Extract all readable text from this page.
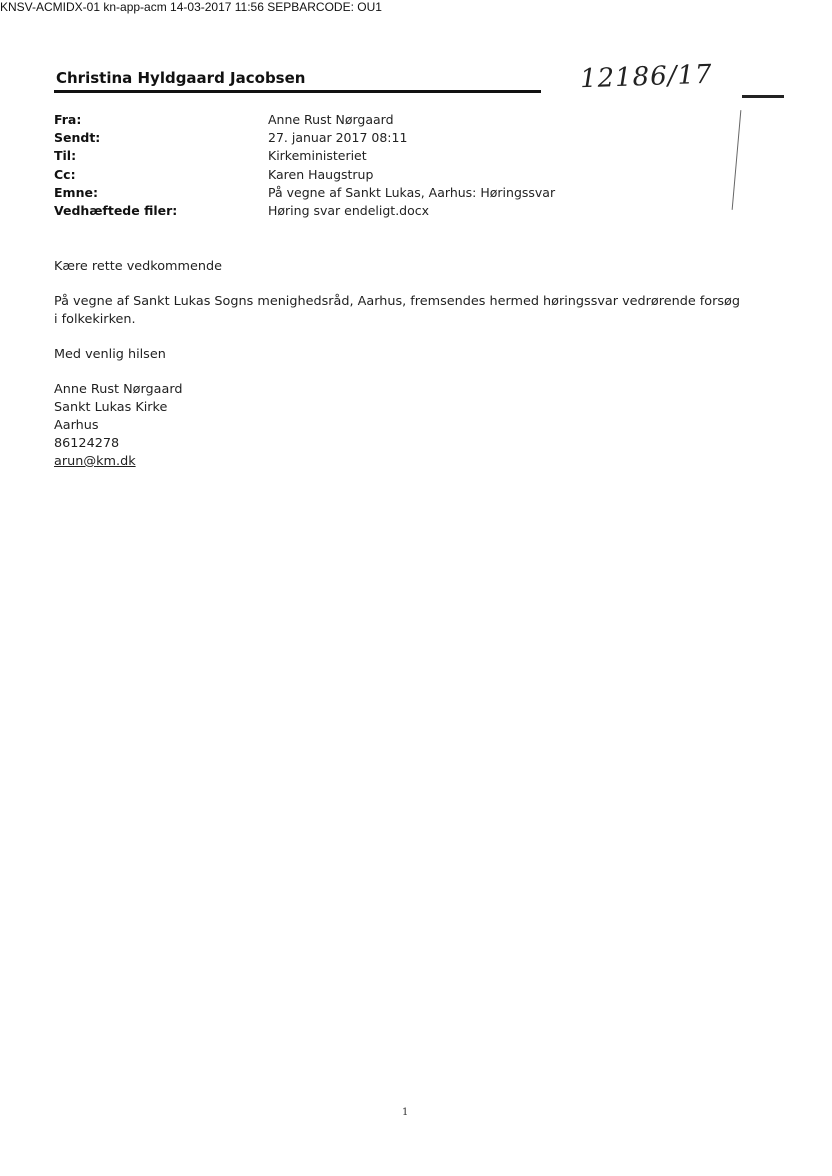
KNSV-ACMIDX-01 kn-app-acm 14-03-2017 11:56 SEPBARCODE: OU1
Christina Hyldgaard Jacobsen	12186/17
Fra:	Anne Rust Nørgaard
Sendt:	27. januar 2017 08:11
Til:	Kirkeministeriet
Cc:	Karen Haugstrup
Emne:	På vegne af Sankt Lukas, Aarhus: Høringssvar
Vedhæftede filer:	Høring svar endeligt.docx

Kære rette vedkommende

På vegne af Sankt Lukas Sogns menighedsråd, Aarhus, fremsendes hermed høringssvar vedrørende forsøg i folkekirken.

Med venlig hilsen

Anne Rust Nørgaard
Sankt Lukas Kirke
Aarhus
86124278
arun@km.dk
1
